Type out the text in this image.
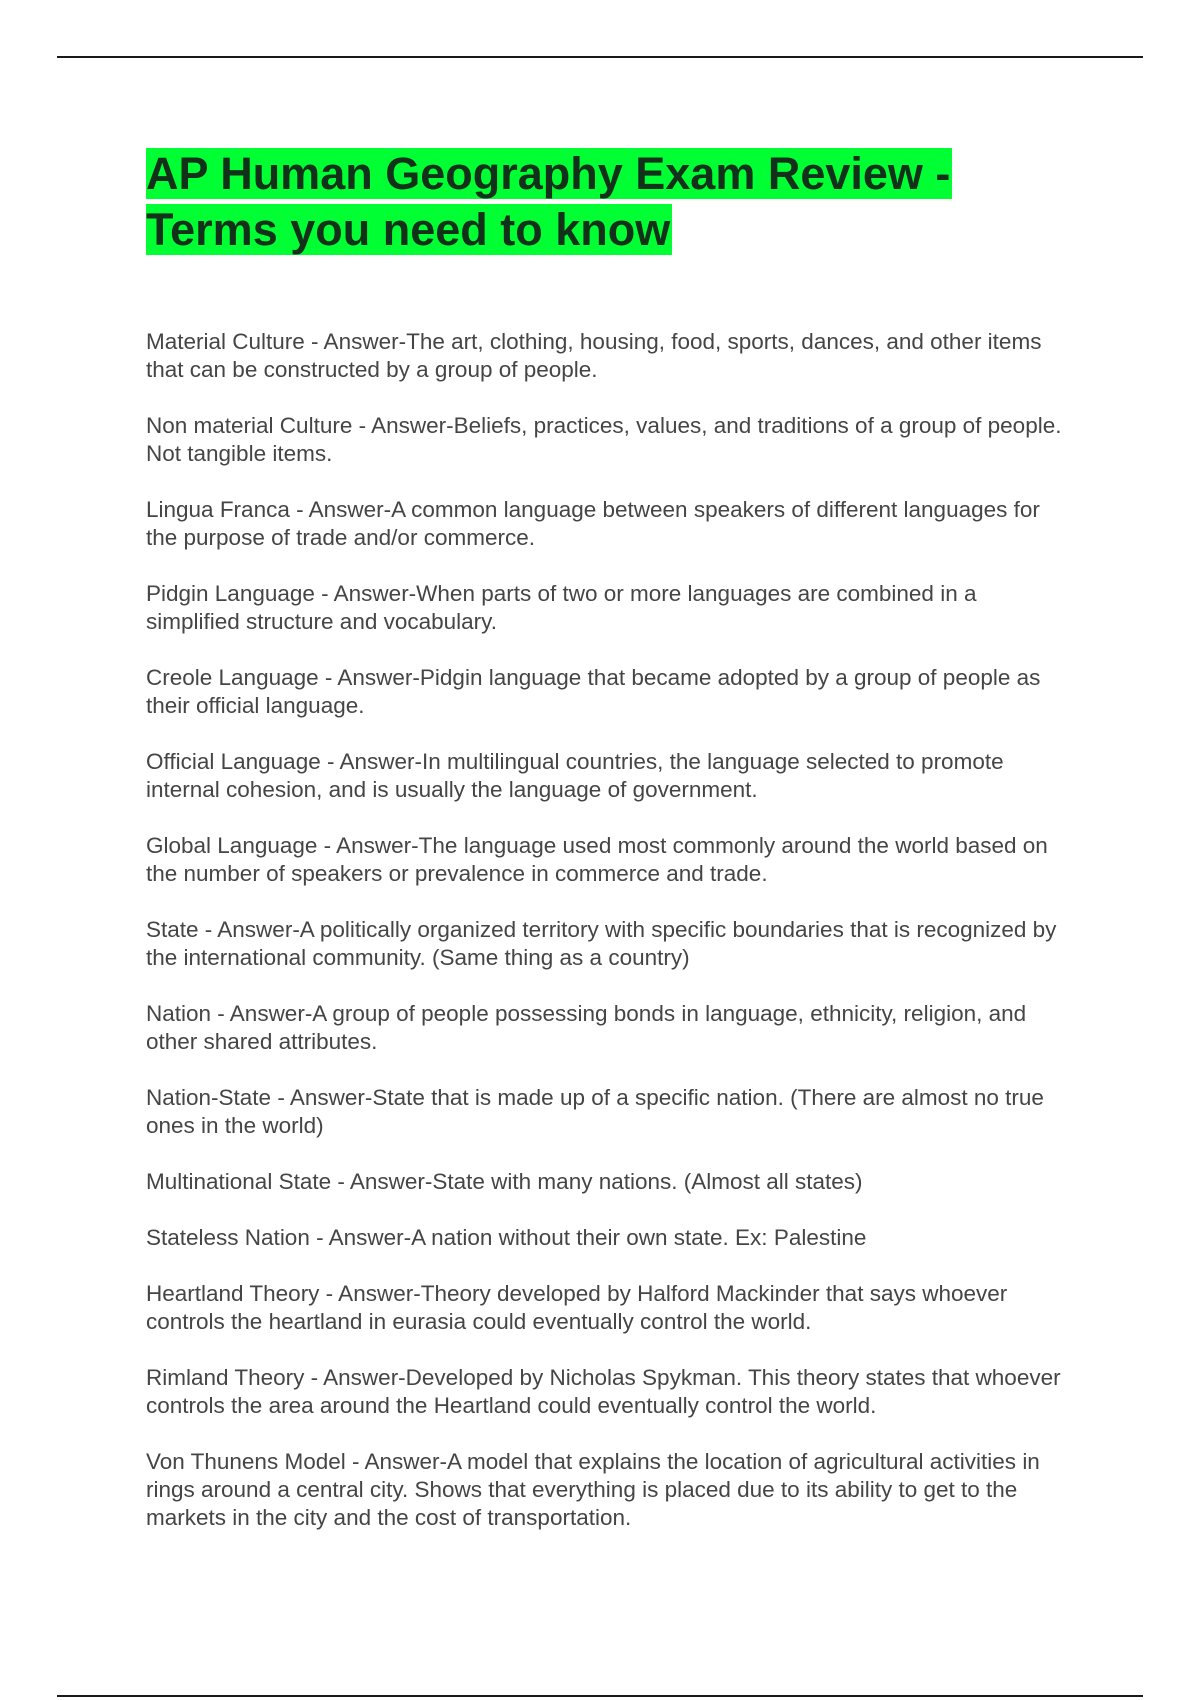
AP Human Geography Exam Review -
Terms you need to know

Material Culture - Answer-The art, clothing, housing, food, sports, dances, and other items that can be constructed by a group of people.

Non material Culture - Answer-Beliefs, practices, values, and traditions of a group of people. Not tangible items.

Lingua Franca - Answer-A common language between speakers of different languages for the purpose of trade and/or commerce.

Pidgin Language - Answer-When parts of two or more languages are combined in a simplified structure and vocabulary.

Creole Language - Answer-Pidgin language that became adopted by a group of people as their official language.

Official Language - Answer-In multilingual countries, the language selected to promote internal cohesion, and is usually the language of government.

Global Language - Answer-The language used most commonly around the world based on the number of speakers or prevalence in commerce and trade.

State - Answer-A politically organized territory with specific boundaries that is recognized by the international community. (Same thing as a country)

Nation - Answer-A group of people possessing bonds in language, ethnicity, religion, and other shared attributes.

Nation-State - Answer-State that is made up of a specific nation. (There are almost no true ones in the world)

Multinational State - Answer-State with many nations. (Almost all states)

Stateless Nation - Answer-A nation without their own state. Ex: Palestine

Heartland Theory - Answer-Theory developed by Halford Mackinder that says whoever controls the heartland in eurasia could eventually control the world.

Rimland Theory - Answer-Developed by Nicholas Spykman. This theory states that whoever controls the area around the Heartland could eventually control the world.

Von Thunens Model - Answer-A model that explains the location of agricultural activities in rings around a central city. Shows that everything is placed due to its ability to get to the markets in the city and the cost of transportation.
